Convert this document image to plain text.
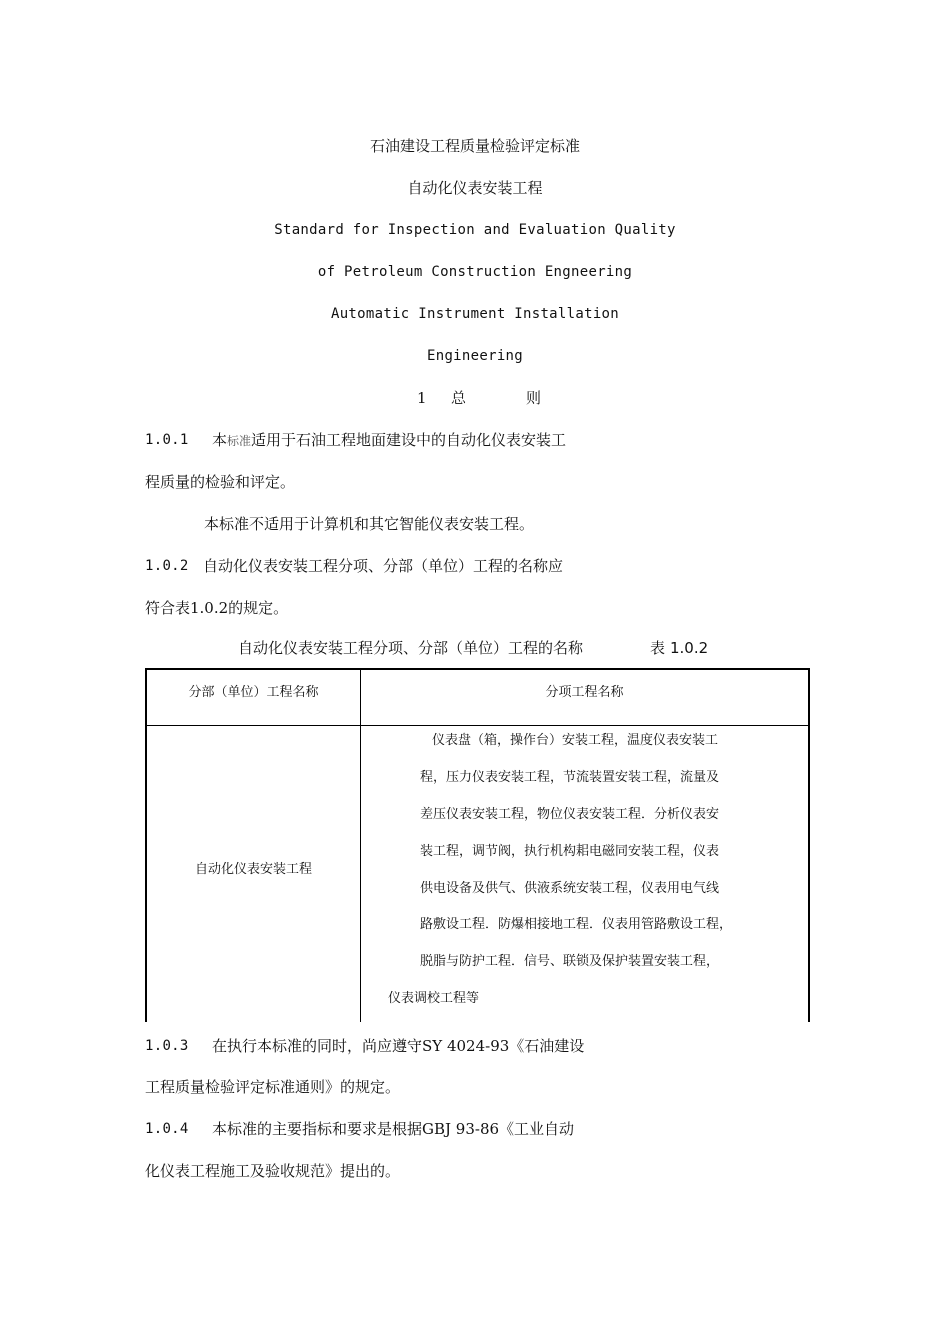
石油建设工程质量检验评定标准
自动化仪表安装工程
Standard for Inspection and Evaluation Quality
of Petroleum Construction Engneering
Automatic Instrument Installation
Engineering
1 总	则
1.0.1 本标准适用于石油工程地面建设中的自动化仪表安装工
程质量的检验和评定。
本标准不适用于计算机和其它智能仪表安装工程。
1.0.2 自动化仪表安装工程分项、分部（单位）工程的名称应
符合表1.0.2的规定。
自动化仪表安装工程分项、分部（单位）工程的名称	表 1.0.2
分部（单位）工程名称	分项工程名称
自动化仪表安装工程
仪表盘（箱，操作台）安装工程，温度仪表安装工
程，压力仪表安装工程，节流装置安装工程，流量及
差压仪表安装工程，物位仪表安装工程．分析仪表安
装工程，调节阀，执行机构耜电磁同安装工程，仪表
供电设备及供气、供液系统安装工程，仪表用电气线
路敷设工程．防爆相接地工程．仪表用管路敷设工程，
脱脂与防护工程．信号、联锁及保护装置安装工程，
仪表调校工程等
1.0.3 在执行本标准的同时，尚应遵守SY 4024-93《石油建设
工程质量检验评定标准通则》的规定。
1.0.4 本标准的主要指标和要求是根据GBJ 93-86《工业自动
化仪表工程施工及验收规范》提出的。
